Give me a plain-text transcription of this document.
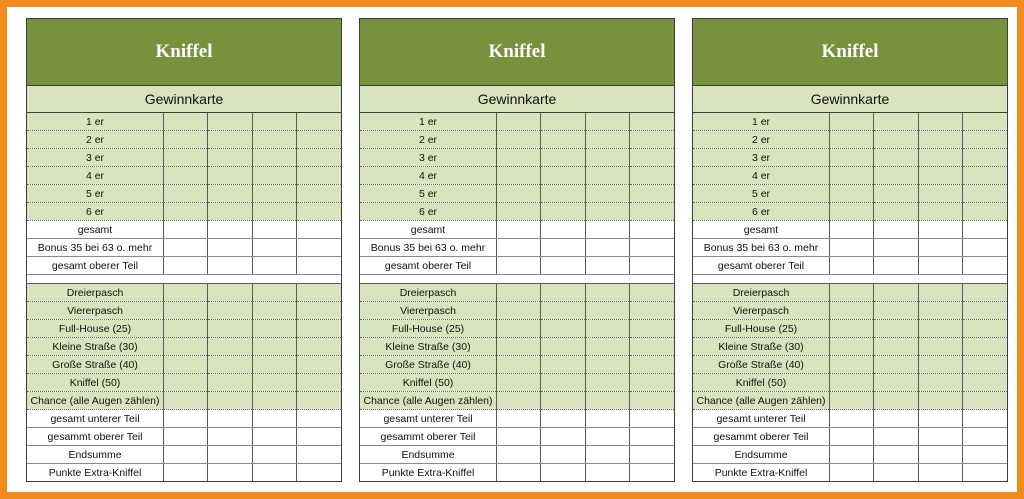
Kniffel
Gewinnkarte
1 er				
2 er				
3 er				
4 er				
5 er				
6 er				
gesamt				
Bonus 35 bei 63 o. mehr				
gesamt oberer Teil				

Dreierpasch				
Viererpasch				
Full-House (25)				
Kleine Straße (30)				
Große Straße (40)				
Kniffel (50)				
Chance (alle Augen zählen)				
gesamt unterer Teil				
gesammt oberer Teil				
Endsumme				
Punkte Extra-Kniffel				
Kniffel
Gewinnkarte
1 er				
2 er				
3 er				
4 er				
5 er				
6 er				
gesamt				
Bonus 35 bei 63 o. mehr				
gesamt oberer Teil				

Dreierpasch				
Viererpasch				
Full-House (25)				
Kleine Straße (30)				
Große Straße (40)				
Kniffel (50)				
Chance (alle Augen zählen)				
gesamt unterer Teil				
gesammt oberer Teil				
Endsumme				
Punkte Extra-Kniffel				
Kniffel
Gewinnkarte
1 er				
2 er				
3 er				
4 er				
5 er				
6 er				
gesamt				
Bonus 35 bei 63 o. mehr				
gesamt oberer Teil				

Dreierpasch				
Viererpasch				
Full-House (25)				
Kleine Straße (30)				
Große Straße (40)				
Kniffel (50)				
Chance (alle Augen zählen)				
gesamt unterer Teil				
gesammt oberer Teil				
Endsumme				
Punkte Extra-Kniffel				
